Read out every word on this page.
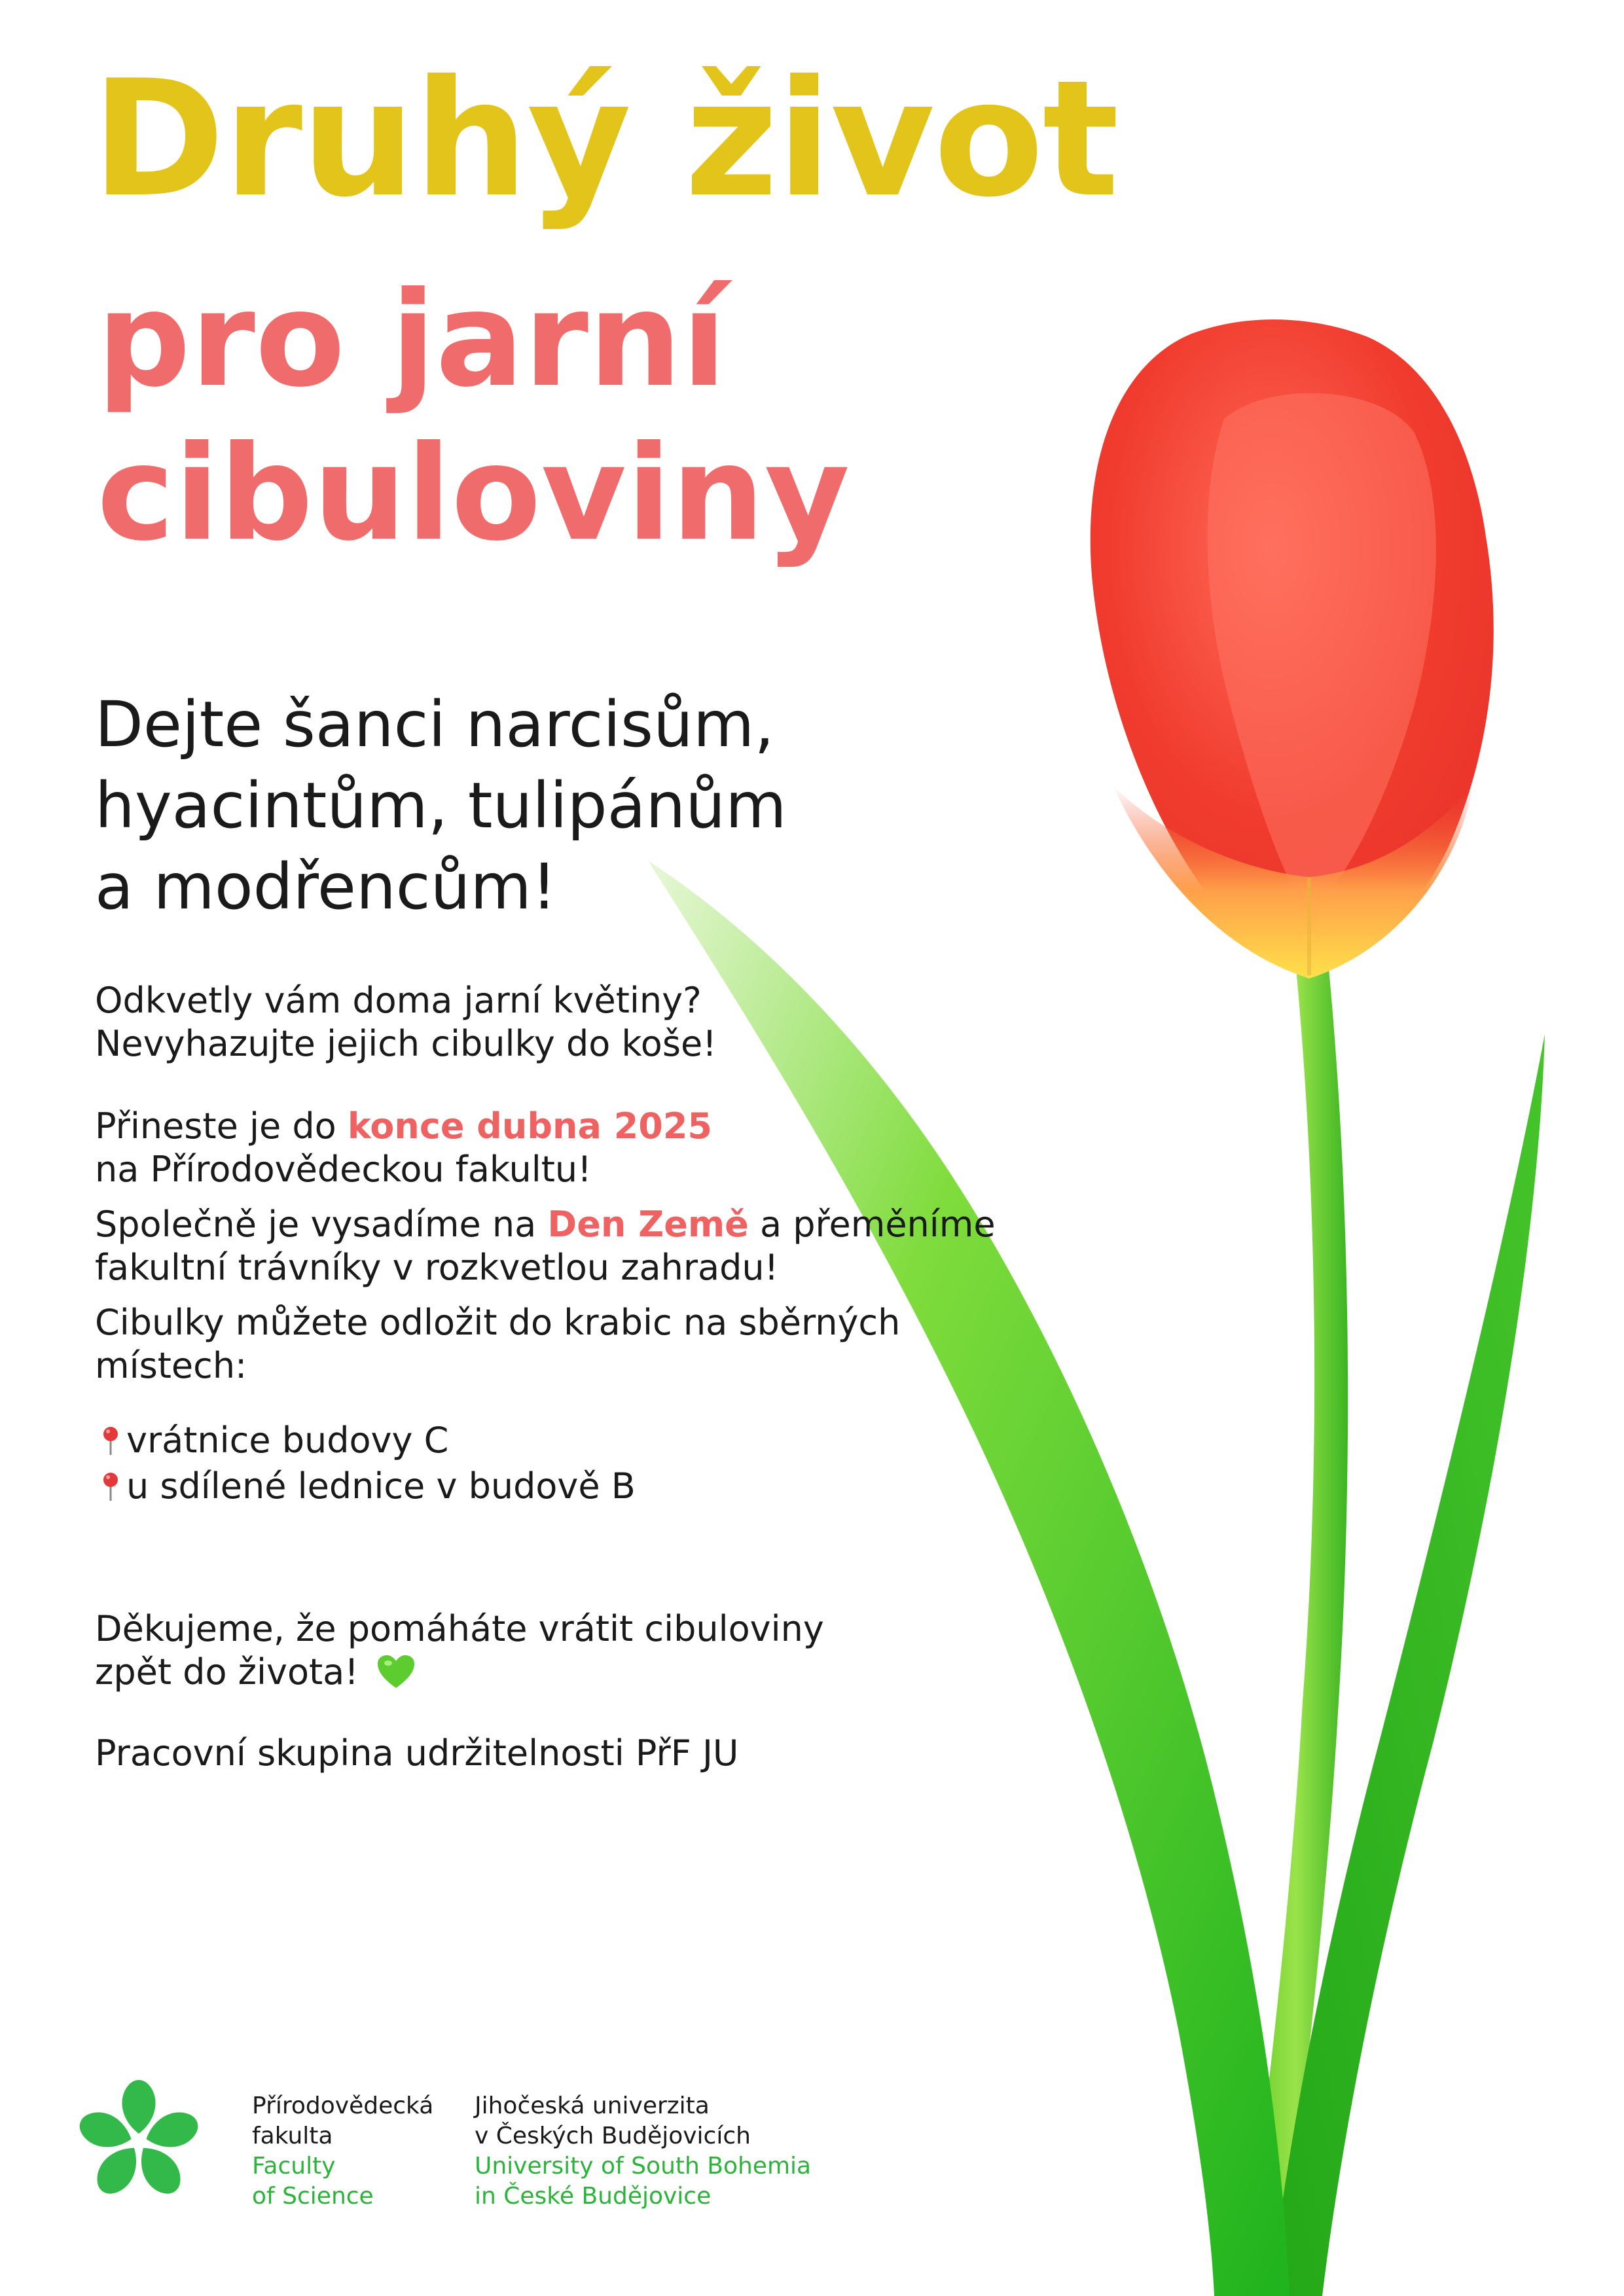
Druhý život
pro jarní
cibuloviny

Dejte šanci narcisům,

hyacintům, tulipánům

a modřencům!

Odkvetly vám doma jarní květiny?

Nevyhazujte jejich cibulky do koše!

Přineste je do konce dubna 2025

na Přírodovědeckou fakultu!

Společně je vysadíme na Den Země a přeměníme

fakultní trávníky v rozkvetlou zahradu!

Cibulky můžete odložit do krabic na sběrných

místech:

vrátnice budovy C
u sdílené lednice v budově B

Děkujeme, že pomáháte vrátit cibuloviny

zpět do života!

Pracovní skupina udržitelnosti PřF JU

Přírodovědecká
fakulta
Faculty
of Science
Jihočeská univerzita
v Českých Budějovicích
University of South Bohemia
in České Budějovice
